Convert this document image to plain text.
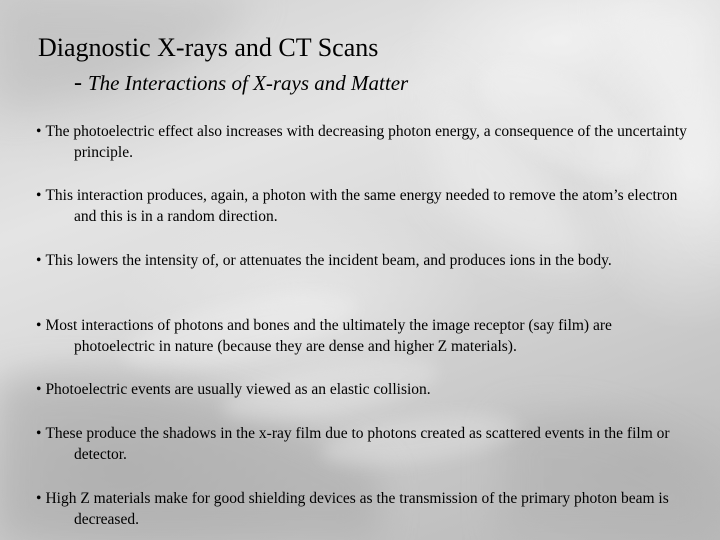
Diagnostic X-rays and CT Scans
- The Interactions of X-rays and Matter
• The photoelectric effect also increases with decreasing photon energy, a consequence of the uncertainty principle.
• This interaction produces, again, a photon with the same energy needed to remove the atom’s electron and this is in a random direction.
• This lowers the intensity of, or attenuates the incident beam, and produces ions in the body.
• Most interactions of photons and bones and the ultimately the image receptor (say film) are photoelectric in nature (because they are dense and higher Z materials).
• Photoelectric events are usually viewed as an elastic collision.
• These produce the shadows in the x-ray film due to photons created as scattered events in the film or detector.
• High Z materials make for good shielding devices as the transmission of the primary photon beam is decreased.
